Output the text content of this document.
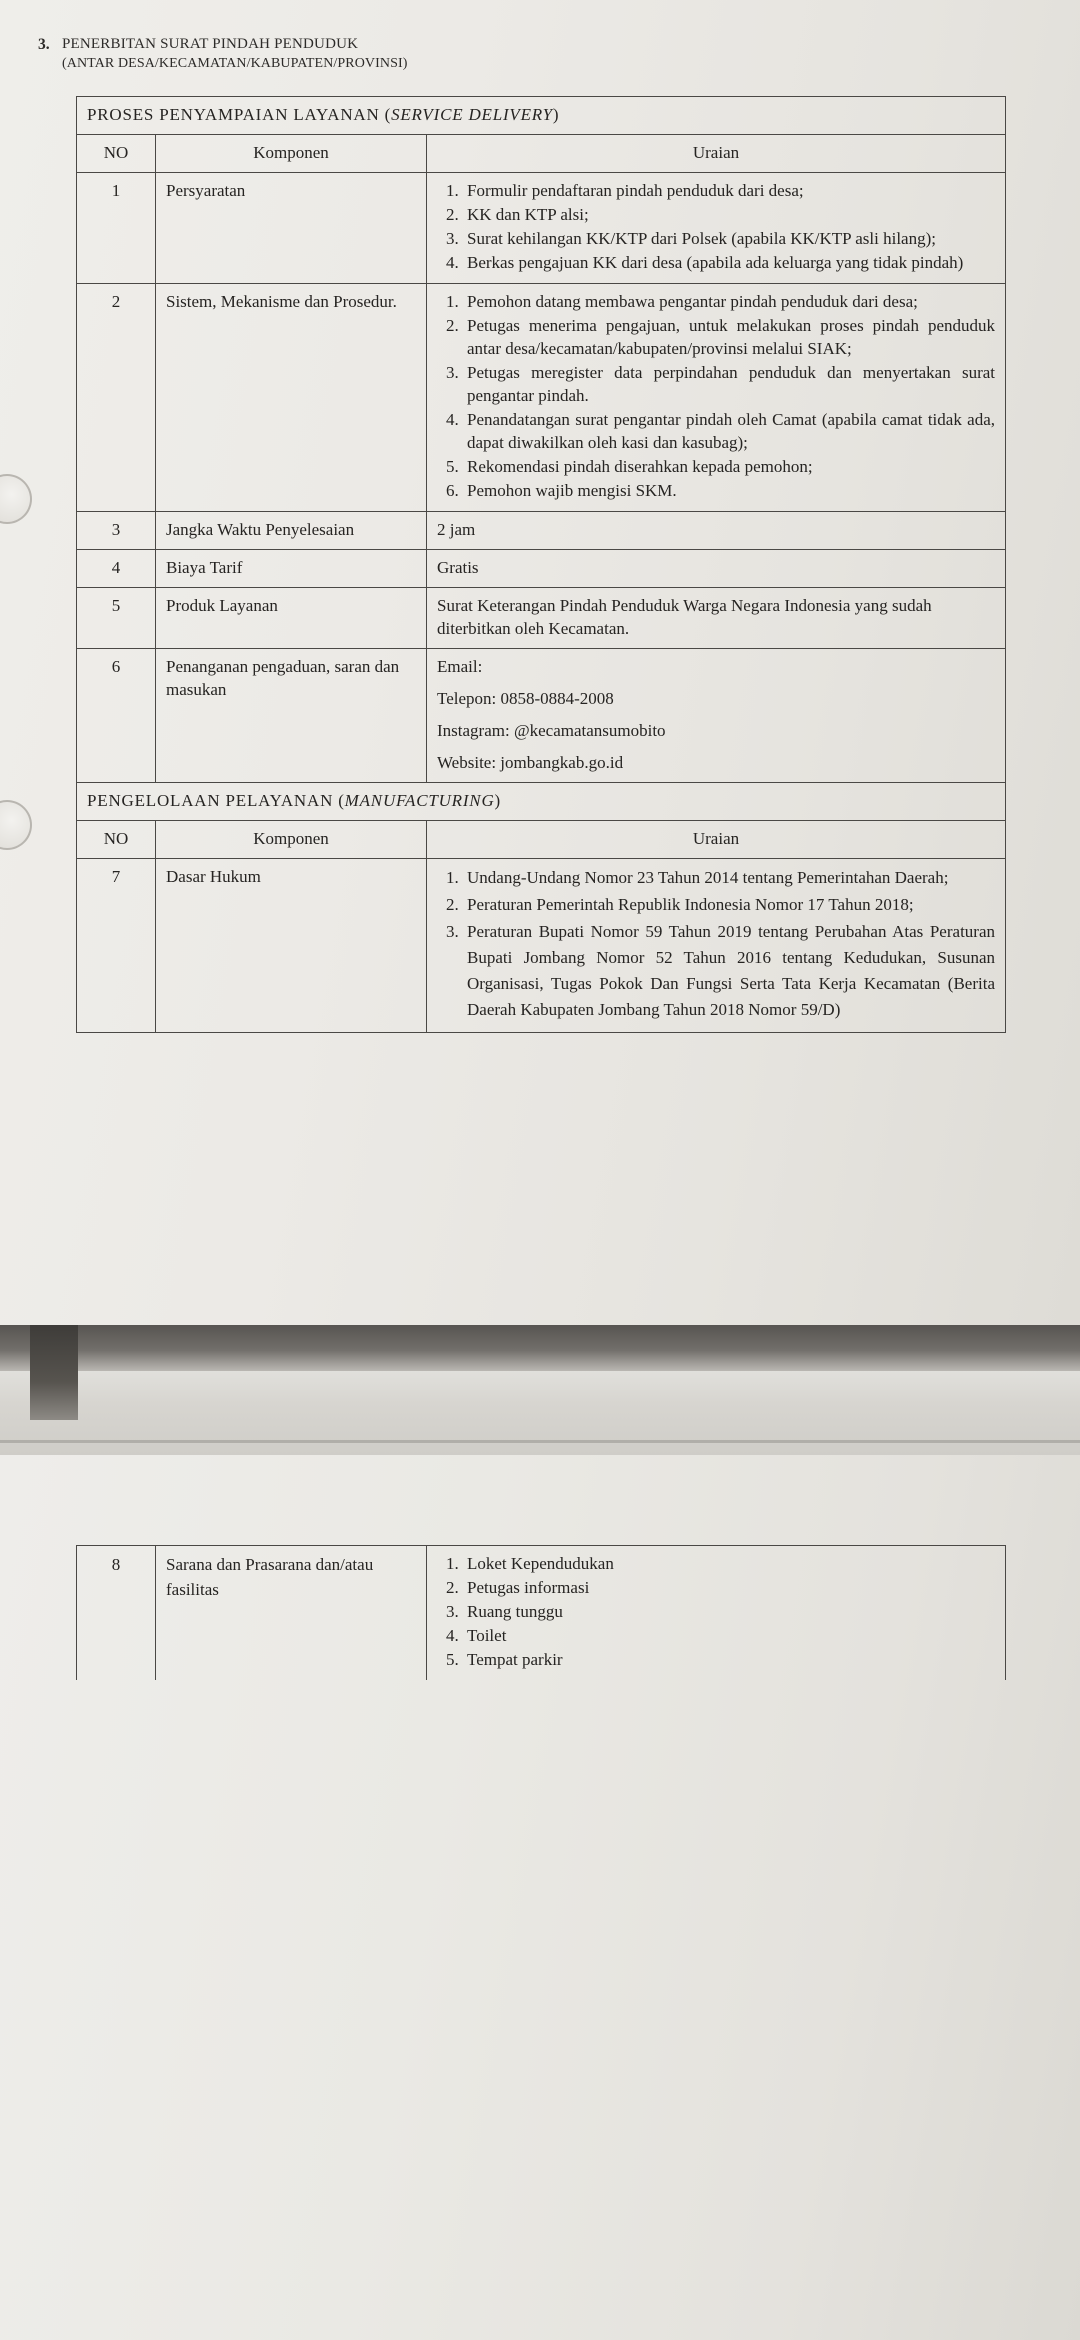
3. PENERBITAN SURAT PINDAH PENDUDUK
(ANTAR DESA/KECAMATAN/KABUPATEN/PROVINSI)
PROSES PENYAMPAIAN LAYANAN (SERVICE DELIVERY)		
NO	Komponen	Uraian
1	Persyaratan	
1.Formulir pendaftaran pindah penduduk dari desa;
2. KK dan KTP alsi;
3. Surat kehilangan KK/KTP dari Polsek (apabila KK/KTP asli hilang);
4. Berkas pengajuan KK dari desa (apabila ada keluarga yang tidak pindah)

2	Sistem, Mekanisme dan Prosedur.	
1.Pemohon datang membawa pengantar pindah penduduk dari desa;
2. Petugas menerima pengajuan, untuk melakukan proses pindah penduduk antar desa/kecamatan/kabupaten/provinsi melalui SIAK;
3. Petugas meregister data perpindahan penduduk dan menyertakan surat pengantar pindah.
4. Penandatangan surat pengantar pindah oleh Camat (apabila camat tidak ada, dapat diwakilkan oleh kasi dan kasubag);
5. Rekomendasi pindah diserahkan kepada pemohon;
6. Pemohon wajib mengisi SKM.

3	Jangka Waktu Penyelesaian	2 jam
4	Biaya Tarif	Gratis
5	Produk Layanan	Surat Keterangan Pindah Penduduk Warga Negara Indonesia yang sudah diterbitkan oleh Kecamatan.
6	Penanganan pengaduan, saran dan masukan	Email:
Telepon: 0858-0884-2008
Instagram: @kecamatansumobito
Website: jombangkab.go.id

PENGELOLAAN PELAYANAN (MANUFACTURING)		
NO	Komponen	Uraian
7	Dasar Hukum	
1.Undang-Undang Nomor 23 Tahun 2014 tentang Pemerintahan Daerah;
2. Peraturan Pemerintah Republik Indonesia Nomor 17 Tahun 2018;
3. Peraturan Bupati Nomor 59 Tahun 2019 tentang Perubahan Atas Peraturan Bupati Jombang Nomor 52 Tahun 2016 tentang Kedudukan, Susunan Organisasi, Tugas Pokok Dan Fungsi Serta Tata Kerja Kecamatan (Berita Daerah Kabupaten Jombang Tahun 2018 Nomor 59/D)
8	Sarana dan Prasarana dan/atau fasilitas	
1. Loket Kependudukan
2. Petugas informasi
3. Ruang tunggu
4. Toilet
5. Tempat parkir
